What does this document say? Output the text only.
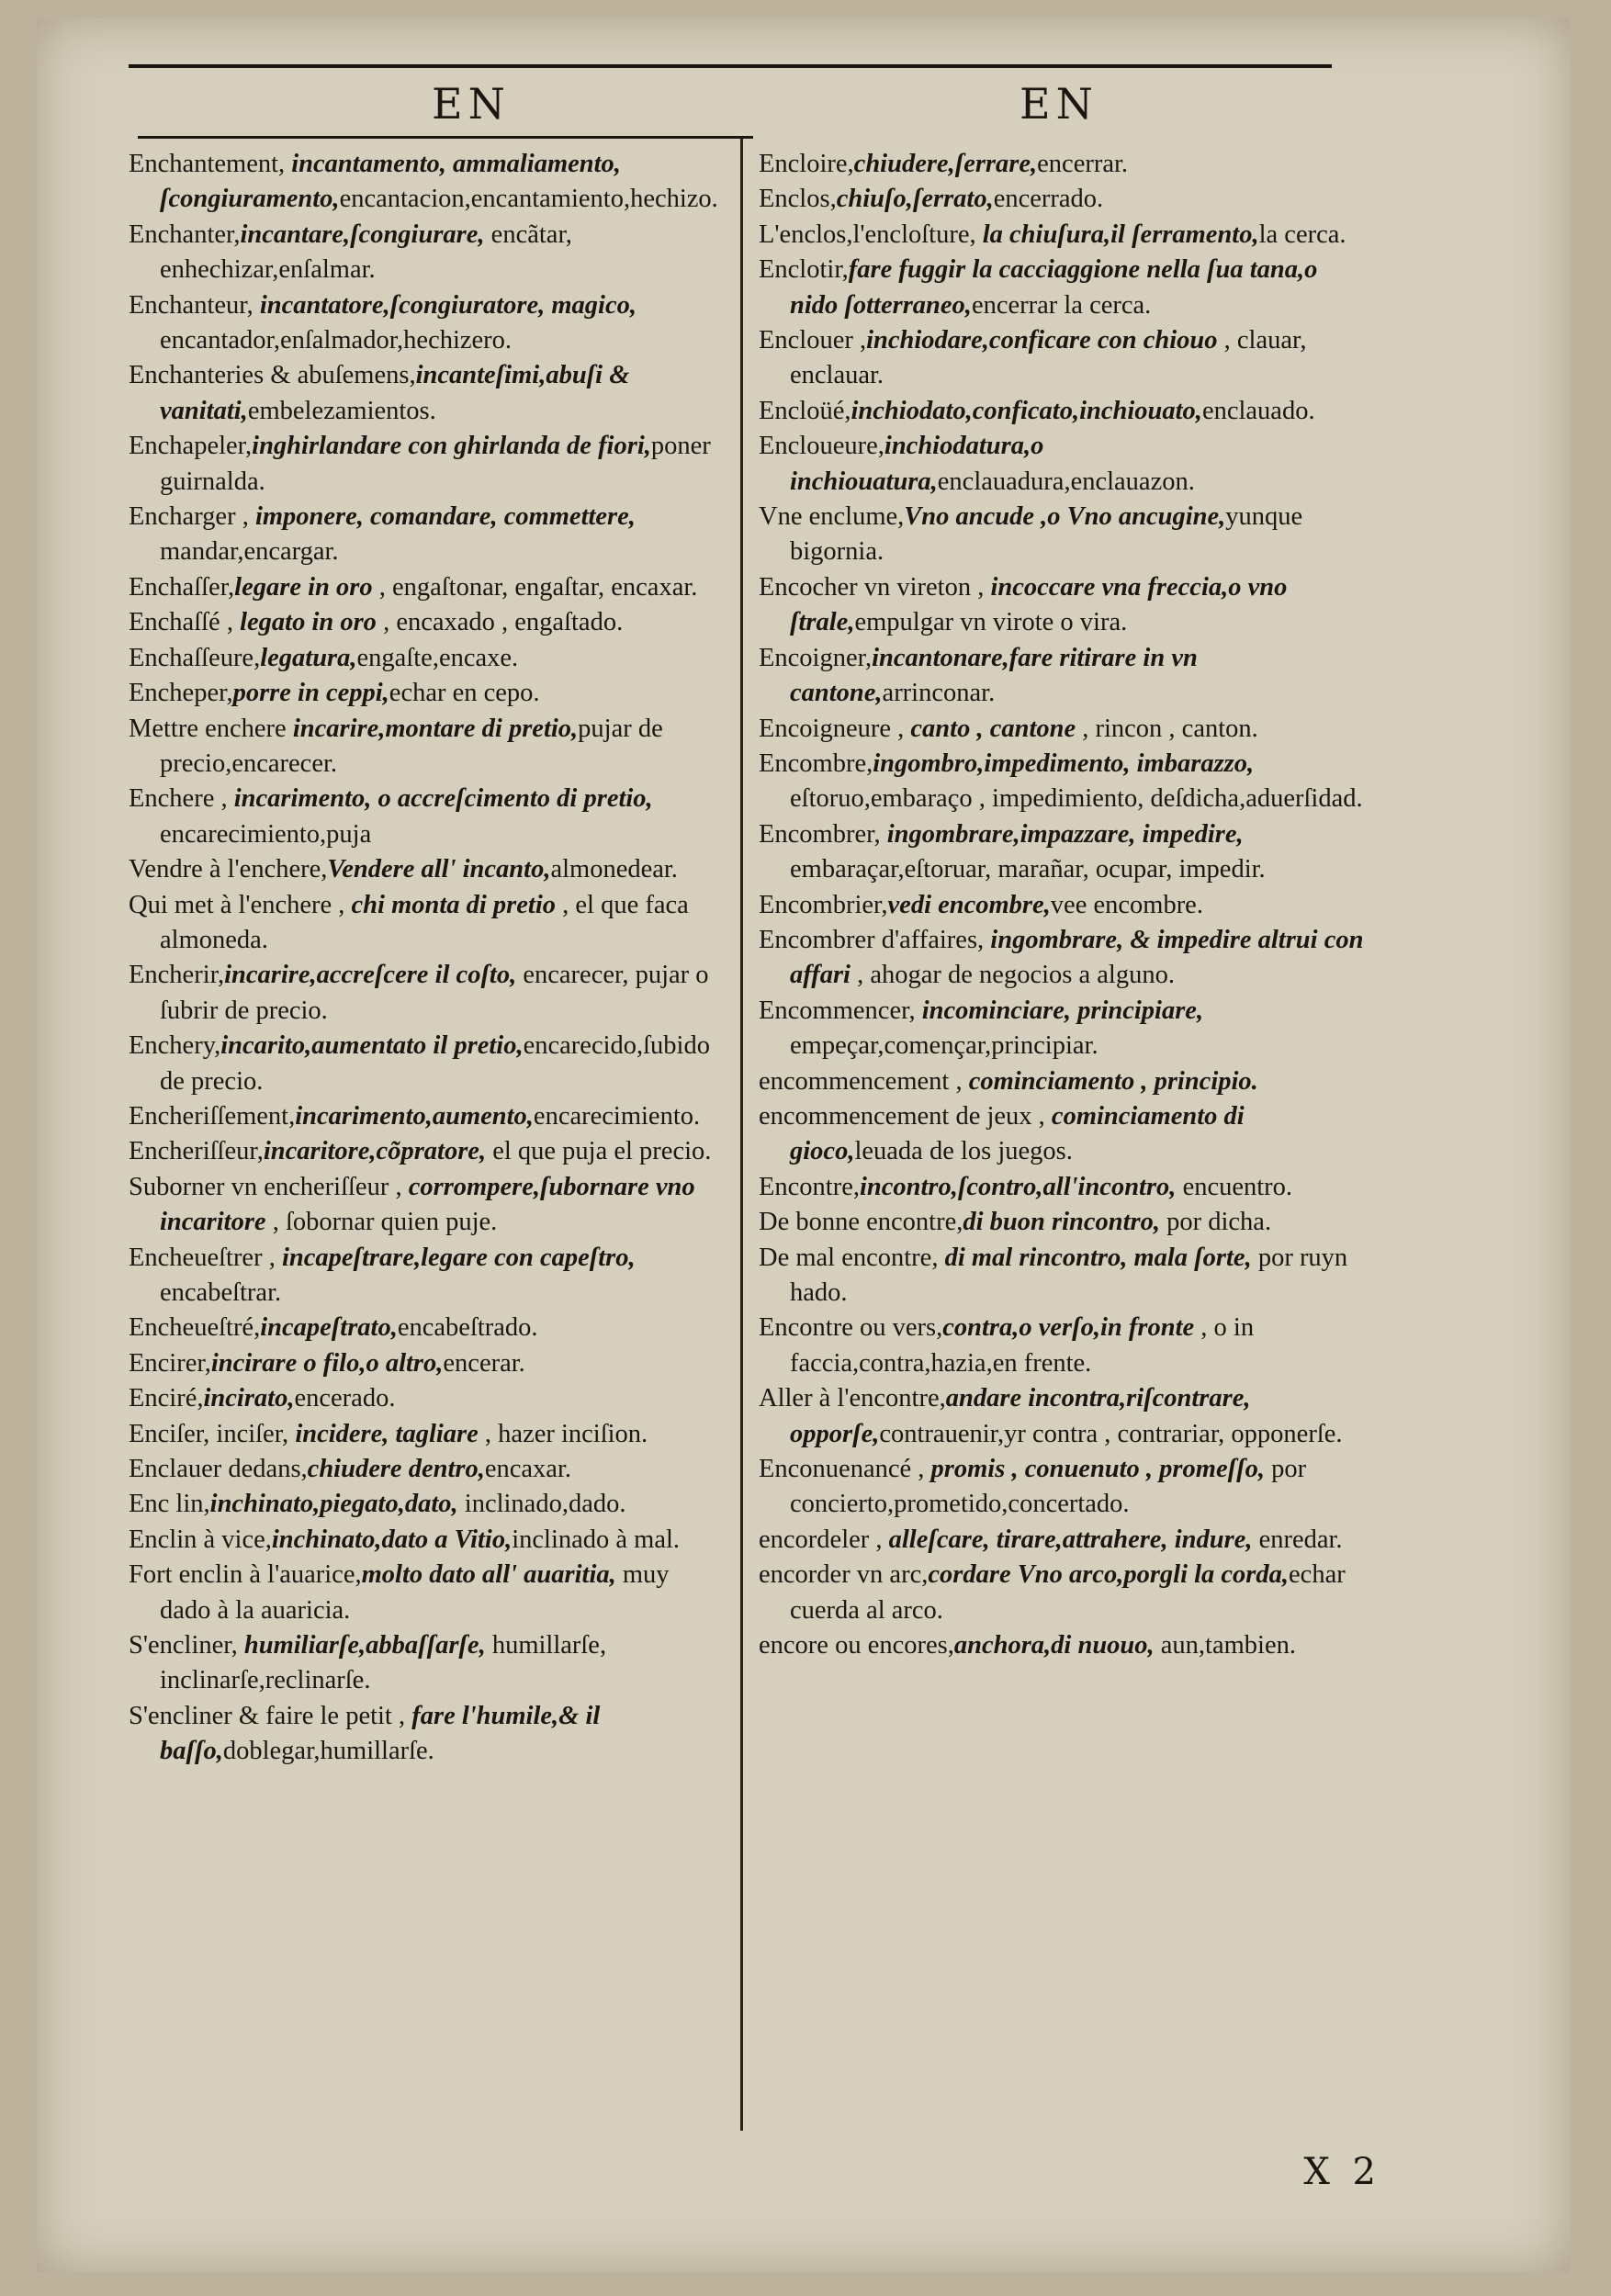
EN	EN
Enchantement, incantamento, ammaliamento, ſcongiuramento,encantacion,encantamiento,hechizo.
Enchanter,incantare,ſcongiurare, encãtar, enhechizar,enſalmar.
Enchanteur, incantatore,ſcongiuratore, magico, encantador,enſalmador,hechizero.
Enchanteries & abuſemens,incanteſimi,abuſi & vanitati,embelezamientos.
Enchapeler,inghirlandare con ghirlanda de fiori,poner guirnalda.
Encharger , imponere, comandare, commettere, mandar,encargar.
Enchaſſer,legare in oro , engaſtonar, engaſtar, encaxar.
Enchaſſé , legato in oro , encaxado , engaſtado.
Enchaſſeure,legatura,engaſte,encaxe.
Encheper,porre in ceppi,echar en cepo.
Mettre enchere incarire,montare di pretio,pujar de precio,encarecer.
Enchere , incarimento, o accreſcimento di pretio, encarecimiento,puja
Vendre à l'enchere,Vendere all' incanto,almonedear.
Qui met à l'enchere , chi monta di pretio , el que faca almoneda.
Encherir,incarire,accreſcere il coſto, encarecer, pujar o ſubrir de precio.
Enchery,incarito,aumentato il pretio,encarecido,ſubido de precio.
Encheriſſement,incarimento,aumento,encarecimiento.
Encheriſſeur,incaritore,cõpratore, el que puja el precio.
Suborner vn encheriſſeur , corrompere,ſubornare vno incaritore , ſobornar quien puje.
Encheueſtrer , incapeſtrare,legare con capeſtro, encabeſtrar.
Encheueſtré,incapeſtrato,encabeſtrado.
Encirer,incirare o filo,o altro,encerar.
Enciré,incirato,encerado.
Enciſer, inciſer, incidere, tagliare , hazer inciſion.
Enclauer dedans,chiudere dentro,encaxar.
Enc lin,inchinato,piegato,dato, inclinado,dado.
Enclin à vice,inchinato,dato a Vitio,inclinado à mal.
Fort enclin à l'auarice,molto dato all' auaritia, muy dado à la auaricia.
S'encliner, humiliarſe,abbaſſarſe, humillarſe, inclinarſe,reclinarſe.
S'encliner & faire le petit , fare l'humile,& il baſſo,doblegar,humillarſe.
Encloire,chiudere,ſerrare,encerrar.
Enclos,chiuſo,ſerrato,encerrado.
L'enclos,l'encloſture, la chiuſura,il ſerramento,la cerca.
Enclotir,fare fuggir la cacciaggione nella ſua tana,o nido ſotterraneo,encerrar la cerca.
Enclouer ,inchiodare,conficare con chiouo , clauar, enclauar.
Encloüé,inchiodato,conficato,inchiouato,enclauado.
Encloueure,inchiodatura,o inchiouatura,enclauadura,enclauazon.
Vne enclume,Vno ancude ,o Vno ancugine,yunque bigornia.
Encocher vn vireton , incoccare vna freccia,o vno ſtrale,empulgar vn virote o vira.
Encoigner,incantonare,fare ritirare in vn cantone,arrinconar.
Encoigneure , canto , cantone , rincon , canton.
Encombre,ingombro,impedimento, imbarazzo, eſtoruo,embaraço , impedimiento, deſdicha,aduerſidad.
Encombrer, ingombrare,impazzare, impedire, embaraçar,eſtoruar, marañar, ocupar, impedir.
Encombrier,vedi encombre,vee encombre.
Encombrer d'affaires, ingombrare, & impedire altrui con affari , ahogar de negocios a alguno.
Encommencer, incominciare, principiare, empeçar,començar,principiar.
encommencement , cominciamento , principio.
encommencement de jeux , cominciamento di gioco,leuada de los juegos.
Encontre,incontro,ſcontro,all'incontro, encuentro.
De bonne encontre,di buon rincontro, por dicha.
De mal encontre, di mal rincontro, mala ſorte, por ruyn hado.
Encontre ou vers,contra,o verſo,in fronte , o in faccia,contra,hazia,en frente.
Aller à l'encontre,andare incontra,riſcontrare, opporſe,contrauenir,yr contra , contrariar, opponerſe.
Enconuenancé , promis , conuenuto , promeſſo, por concierto,prometido,concertado.
encordeler , alleſcare, tirare,attrahere, indure, enredar.
encorder vn arc,cordare Vno arco,porgli la corda,echar cuerda al arco.
encore ou encores,anchora,di nuouo, aun,tambien.
X 2
